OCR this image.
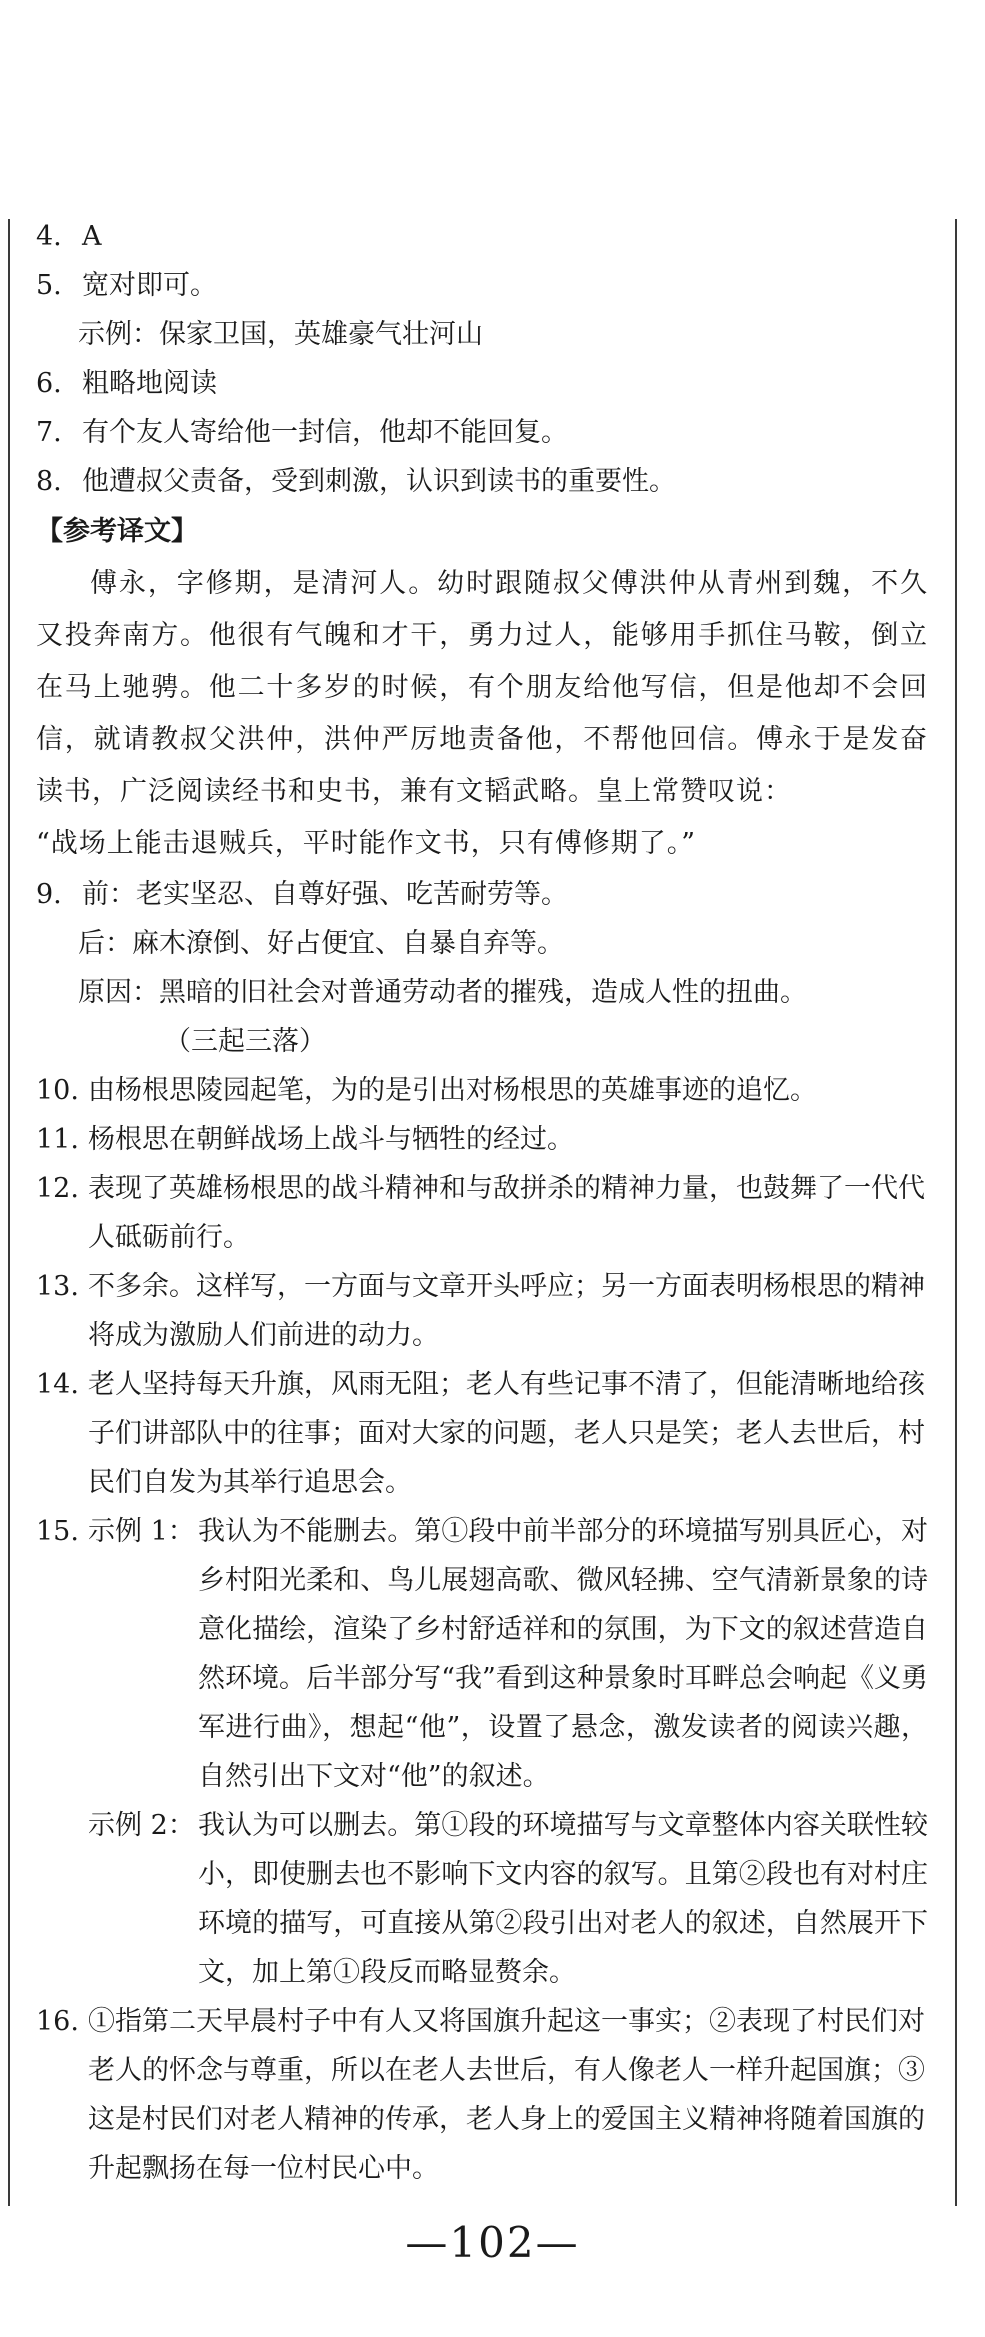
4. A

5. 宽对即可。

示例：保家卫国，英雄豪气壮河山

6. 粗略地阅读

7. 有个友人寄给他一封信，他却不能回复。

8. 他遭叔父责备，受到刺激，认识到读书的重要性。

【参考译文】

傅永，字修期，是清河人。幼时跟随叔父傅洪仲从青州到魏，不久又投奔南方。他很有气魄和才干，勇力过人，能够用手抓住马鞍，倒立在马上驰骋。他二十多岁的时候，有个朋友给他写信，但是他却不会回信，就请教叔父洪仲，洪仲严厉地责备他，不帮他回信。傅永于是发奋读书，广泛阅读经书和史书，兼有文韬武略。皇上常赞叹说：

“战场上能击退贼兵，平时能作文书，只有傅修期了。”

9. 前：老实坚忍、自尊好强、吃苦耐劳等。

后：麻木潦倒、好占便宜、自暴自弃等。

原因：黑暗的旧社会对普通劳动者的摧残，造成人性的扭曲。

（三起三落）

10. 由杨根思陵园起笔，为的是引出对杨根思的英雄事迹的追忆。

11. 杨根思在朝鲜战场上战斗与牺牲的经过。

12. 表现了英雄杨根思的战斗精神和与敌拼杀的精神力量，也鼓舞了一代代人砥砺前行。

13. 不多余。这样写，一方面与文章开头呼应；另一方面表明杨根思的精神将成为激励人们前进的动力。

14. 老人坚持每天升旗，风雨无阻；老人有些记事不清了，但能清晰地给孩子们讲部队中的往事；面对大家的问题，老人只是笑；老人去世后，村民们自发为其举行追思会。

15. 示例 1： 我认为不能删去。第①段中前半部分的环境描写别具匠心，对乡村阳光柔和、鸟儿展翅高歌、微风轻拂、空气清新景象的诗意化描绘，渲染了乡村舒适祥和的氛围，为下文的叙述营造自然环境。后半部分写“我”看到这种景象时耳畔总会响起《义勇军进行曲》，想起“他”，设置了悬念，激发读者的阅读兴趣，自然引出下文对“他”的叙述。

示例 2： 我认为可以删去。第①段的环境描写与文章整体内容关联性较小，即使删去也不影响下文内容的叙写。且第②段也有对村庄环境的描写，可直接从第②段引出对老人的叙述，自然展开下文，加上第①段反而略显赘余。

16. ①指第二天早晨村子中有人又将国旗升起这一事实；②表现了村民们对老人的怀念与尊重，所以在老人去世后，有人像老人一样升起国旗；③这是村民们对老人精神的传承，老人身上的爱国主义精神将随着国旗的升起飘扬在每一位村民心中。

—102—
